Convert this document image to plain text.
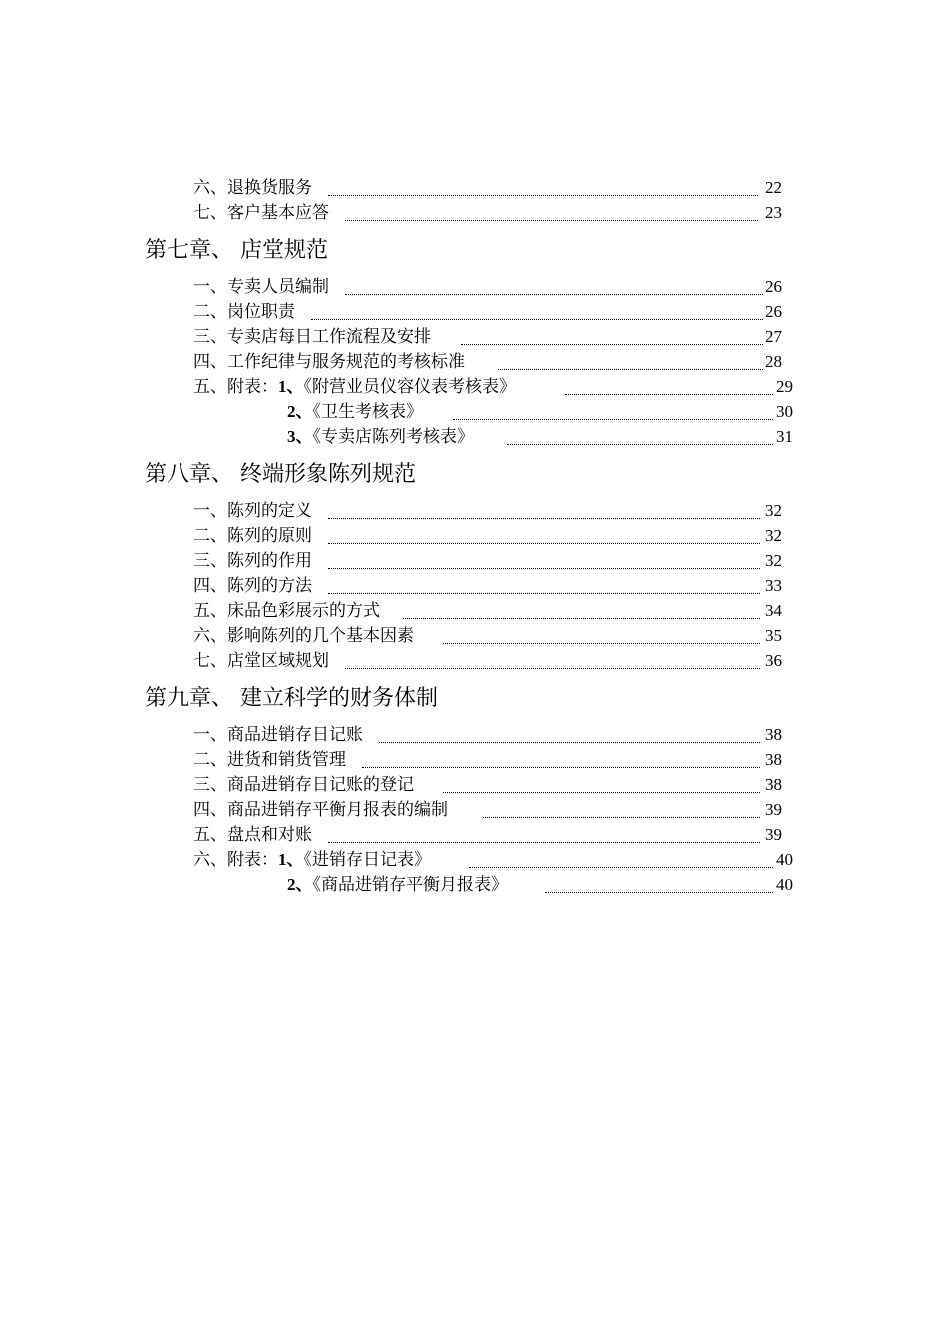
六、退换货服务	22
七、客户基本应答	23
第七章、 店堂规范
一、专卖人员编制	26
二、岗位职责	26
三、专卖店每日工作流程及安排	27
四、工作纪律与服务规范的考核标准	28
五、附表：1、《附营业员仪容仪表考核表》	29
2、《卫生考核表》	30
3、《专卖店陈列考核表》	31
第八章、 终端形象陈列规范
一、陈列的定义	32
二、陈列的原则	32
三、陈列的作用	32
四、陈列的方法	33
五、床品色彩展示的方式	34
六、影响陈列的几个基本因素	35
七、店堂区域规划	36
第九章、 建立科学的财务体制
一、商品进销存日记账	38
二、进货和销货管理	38
三、商品进销存日记账的登记	38
四、商品进销存平衡月报表的编制	39
五、盘点和对账	39
六、附表：1、《进销存日记表》	40
2、《商品进销存平衡月报表》	40
